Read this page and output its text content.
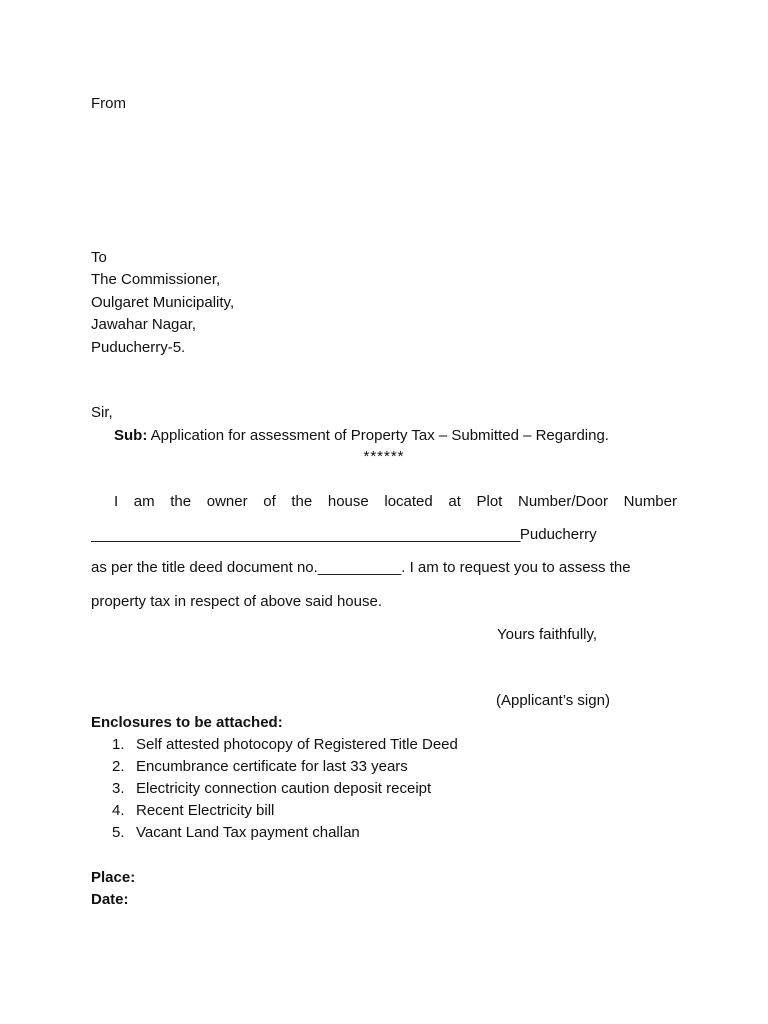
From
To
The Commissioner,
Oulgaret Municipality,
Jawahar Nagar,
Puducherry-5.
Sir,
Sub: Application for assessment of Property Tax – Submitted – Regarding.
******
I am the owner of the house located at Plot Number/Door Number
______________________________________________________Puducherry
as per the title deed document no.__________. I am to request you to assess the
property tax in respect of above said house.
Yours faithfully,
(Applicant’s sign)
Enclosures to be attached:
1. Self attested photocopy of Registered Title Deed
2. Encumbrance certificate for last 33 years
3. Electricity connection caution deposit receipt
4. Recent Electricity bill
5. Vacant Land Tax payment challan
Place:
Date:
